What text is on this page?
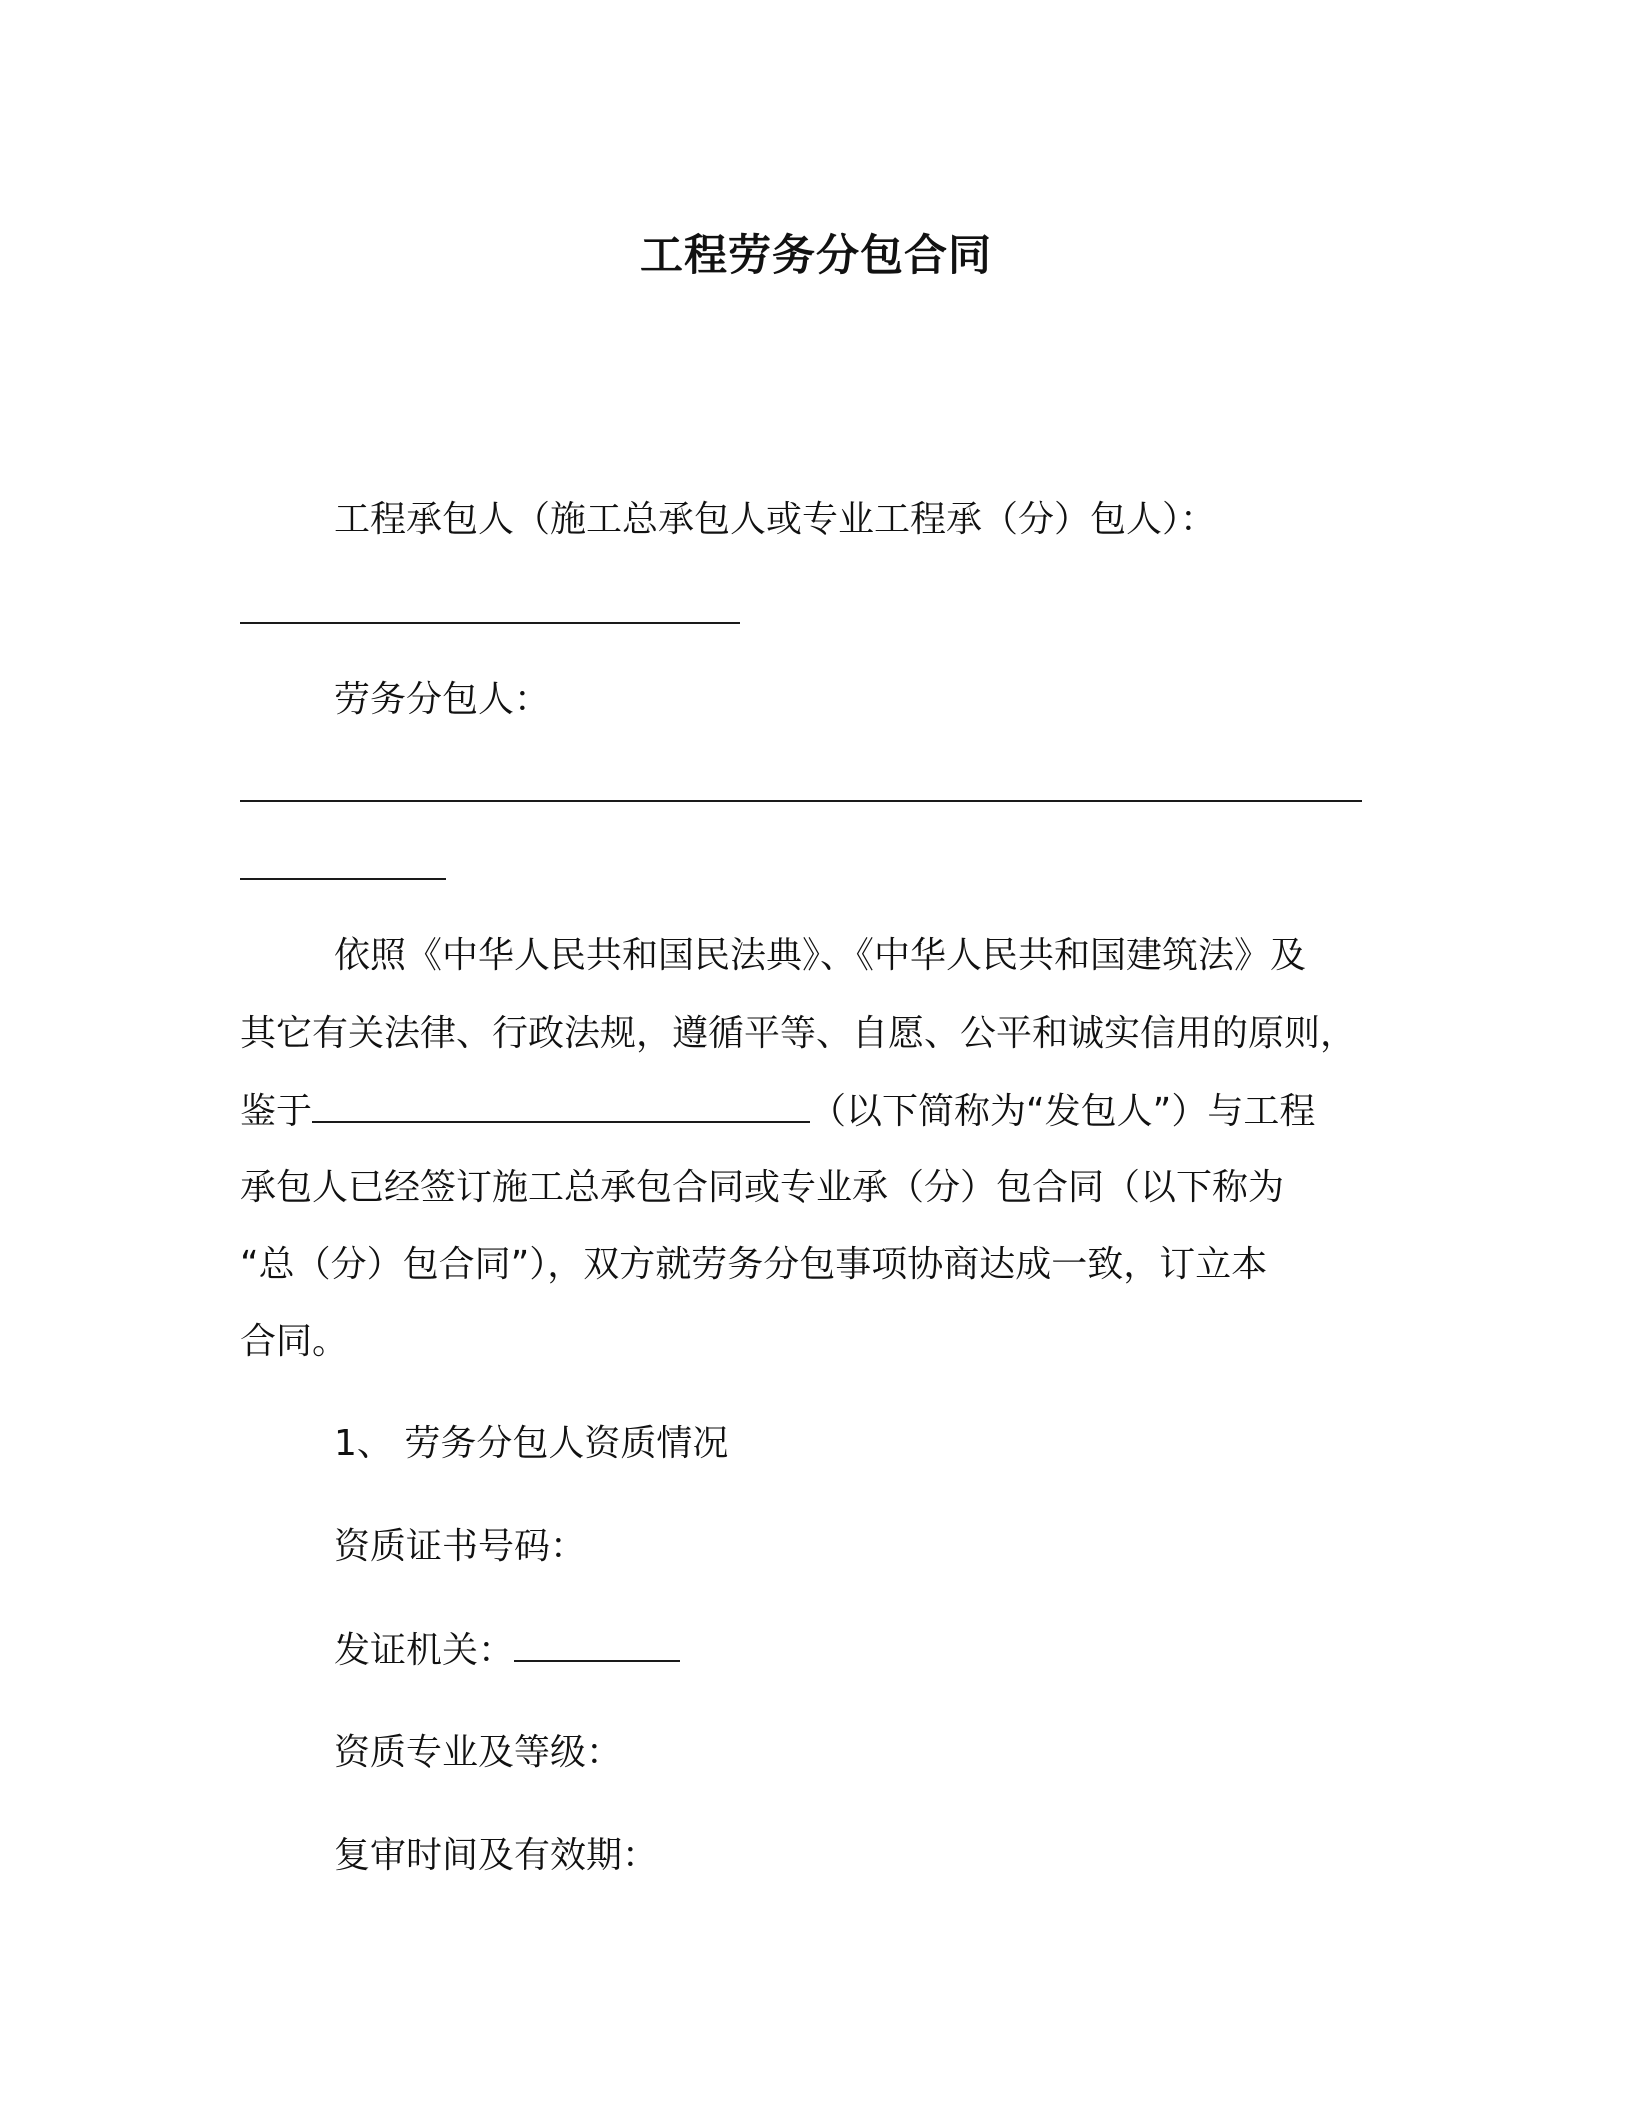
工程劳务分包合同
工程承包人（施工总承包人或专业工程承（分）包人）：
劳务分包人：
依照《中华人民共和国民法典》、《中华人民共和国建筑法》及
其它有关法律、行政法规，遵循平等、自愿、公平和诚实信用的原则，
鉴于	（以下简称为“发包人”）与工程
承包人已经签订施工总承包合同或专业承（分）包合同（以下称为
“总（分）包合同”），双方就劳务分包事项协商达成一致，订立本
合同。
1、 劳务分包人资质情况
资质证书号码：
发证机关：
资质专业及等级：
复审时间及有效期：
